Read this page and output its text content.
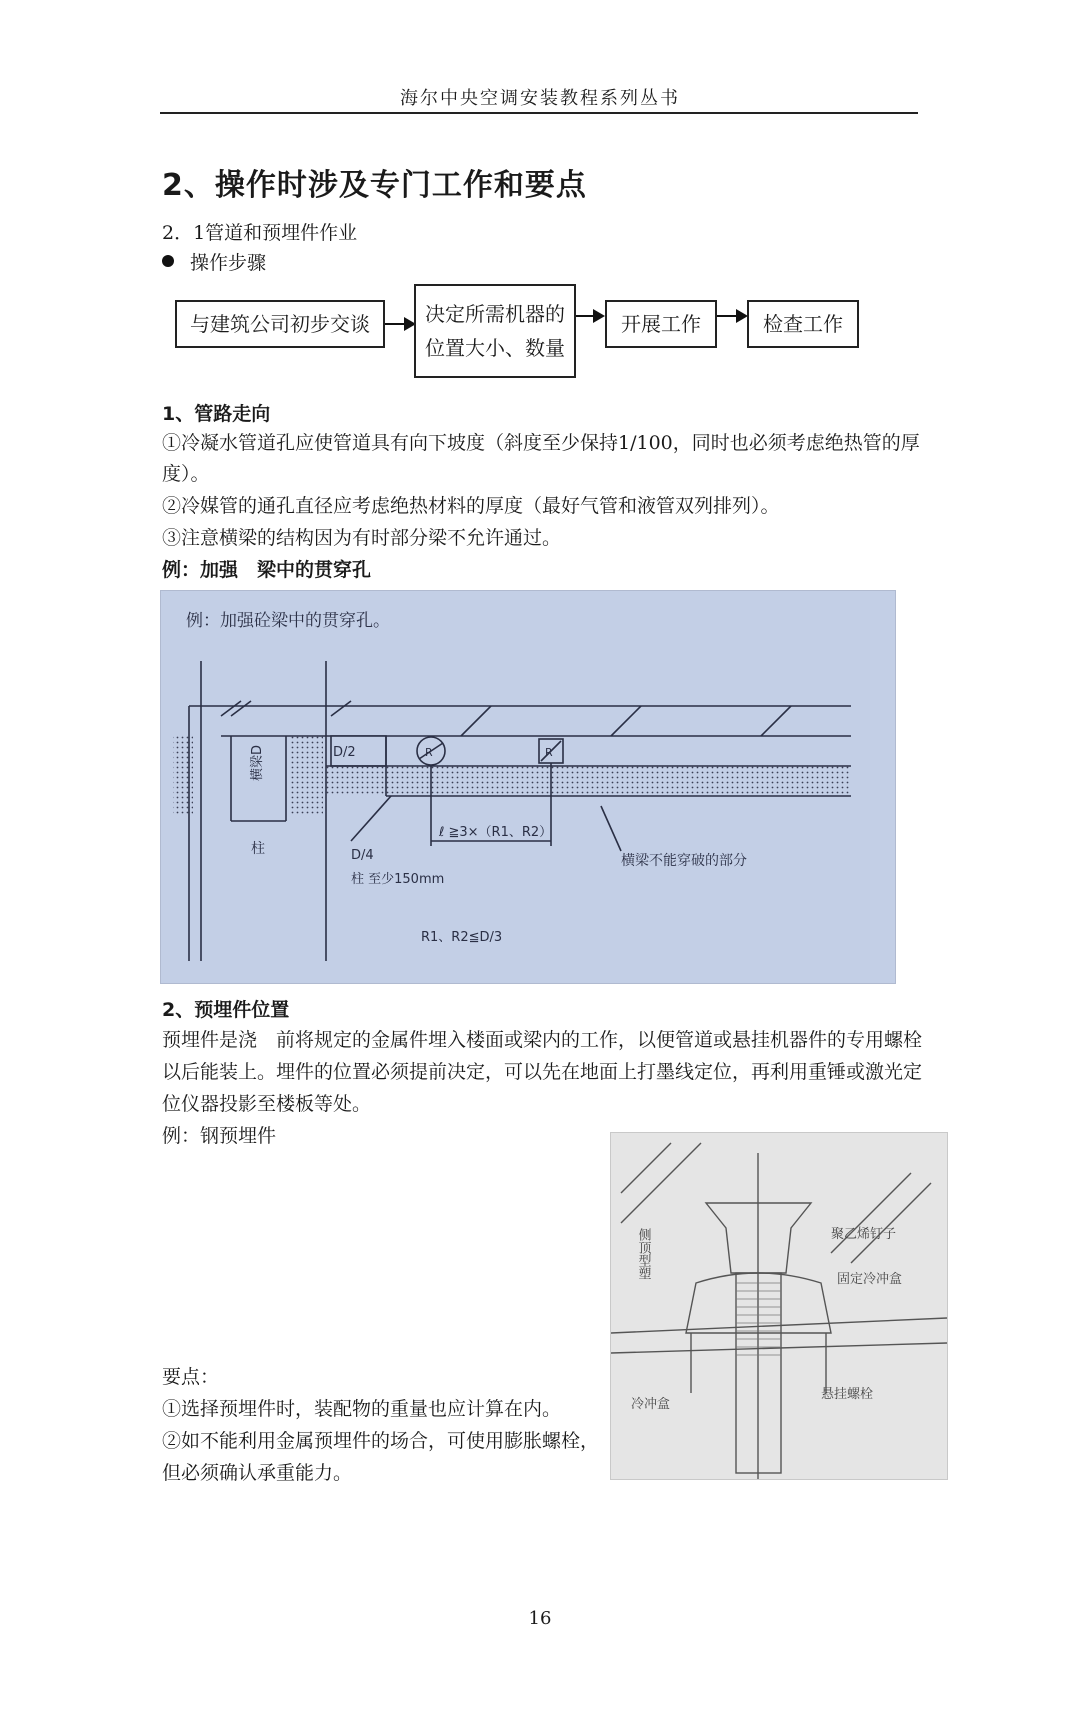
海尔中央空调安装教程系列丛书
2、操作时涉及专门工作和要点
2．1管道和预埋件作业
操作步骤
与建筑公司初步交谈	决定所需机器的
位置大小、数量
开展工作	检查工作
1、管路走向
①冷凝水管道孔应使管道具有向下坡度（斜度至少保持1/100，同时也必须考虑绝热管的厚
度）。
②冷媒管的通孔直径应考虑绝热材料的厚度（最好气管和液管双列排列）。
③注意横梁的结构因为有时部分梁不允许通过。
例：加强　梁中的贯穿孔
例：加强砼梁中的贯穿孔。
横梁D	D/2	R	R
柱	D/4
柱 至少150mm
ℓ ≧3×（R1、R2）
横梁不能穿破的部分
R1、R2≦D/3
2、预埋件位置
预埋件是浇　前将规定的金属件埋入楼面或梁内的工作，以便管道或悬挂机器件的专用螺栓
以后能装上。埋件的位置必须提前决定，可以先在地面上打墨线定位，再利用重锤或激光定
位仪器投影至楼板等处。
例：钢预埋件
侧顶型塑	聚乙烯钉子
固定冷冲盒
冷冲盒
悬挂螺栓
要点：
①选择预埋件时，装配物的重量也应计算在内。
②如不能利用金属预埋件的场合，可使用膨胀螺栓，
但必须确认承重能力。
16
